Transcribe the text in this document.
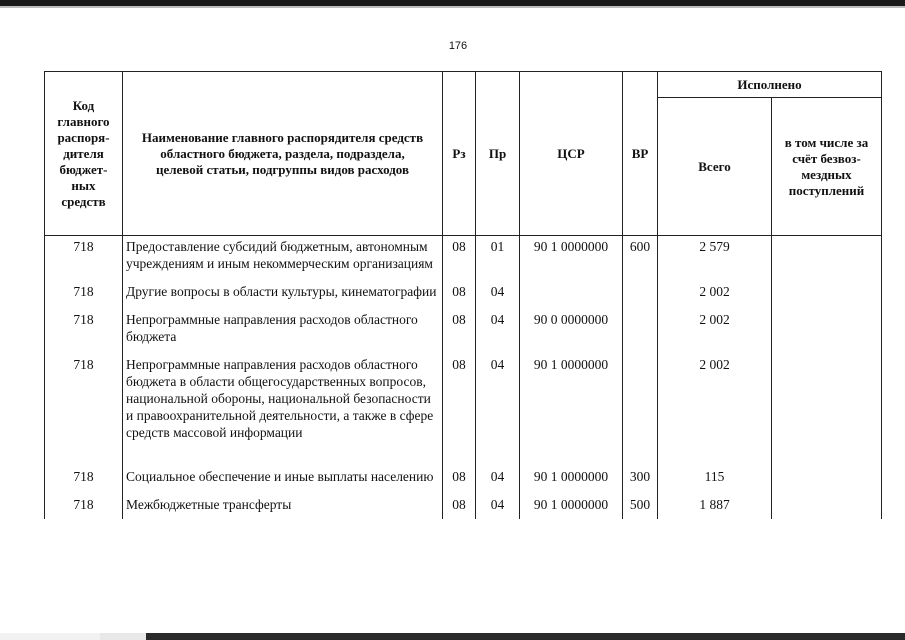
176
Код главного распоря-дителя бюджет-ных средств	Наименование главного распорядителя средств областного бюджета, раздела, подраздела, целевой статьи, подгруппы видов расходов	Рз	Пр	ЦСР	ВР	Исполнено	
						Всего	в том числе за счёт безвоз-мездных поступлений
718	Предоставление субсидий бюджетным, автономным учреждениям и иным некоммерческим организациям	08	01	90 1 0000000	600	2 579	
718	Другие вопросы в области культуры, кинематографии	08	04			2 002	
718	Непрограммные направления расходов областного бюджета	08	04	90 0 0000000		2 002	
718	Непрограммные направления расходов областного бюджета в области общегосударственных вопросов, национальной обороны, национальной безопасности и правоохранительной деятельности, а также в сфере средств массовой информации	08	04	90 1 0000000		2 002	
718	Социальное обеспечение и иные выплаты населению	08	04	90 1 0000000	300	115	
718	Межбюджетные трансферты	08	04	90 1 0000000	500	1 887	
